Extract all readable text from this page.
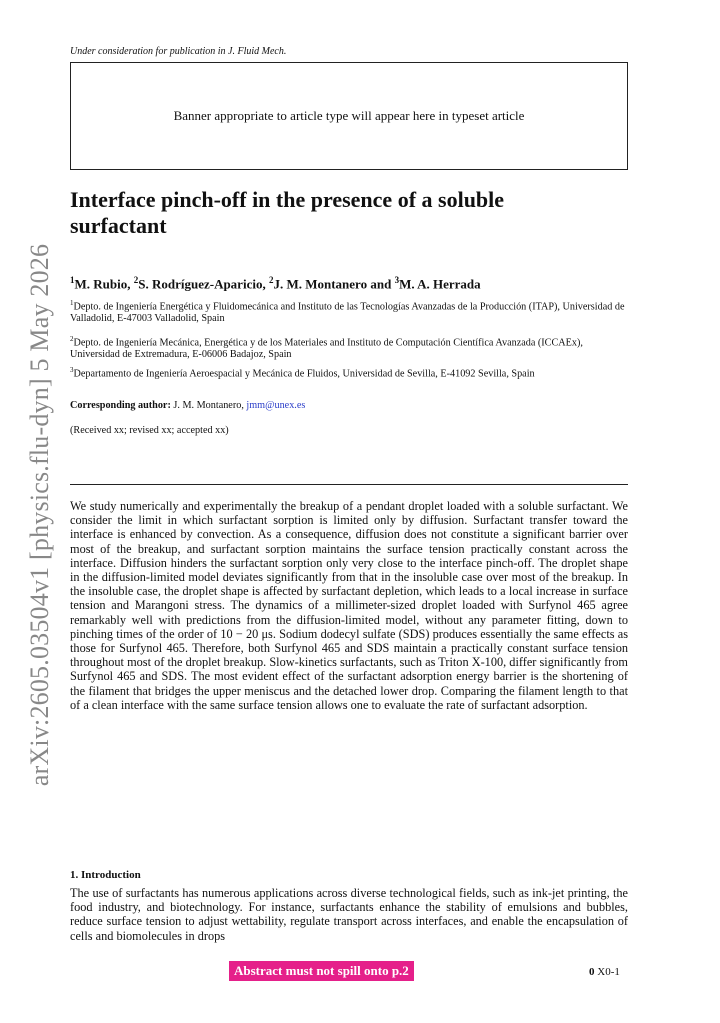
Under consideration for publication in J. Fluid Mech.
Banner appropriate to article type will appear here in typeset article
arXiv:2605.03504v1 [physics.flu-dyn] 5 May 2026
Interface pinch-off in the presence of a soluble surfactant
$^1$M. Rubio, $^2$S. Rodríguez-Aparicio, $^2$J. M. Montanero and $^3$M. A. Herrada
$^1$Depto. de Ingeniería Energética y Fluidomecánica and Instituto de las Tecnologías Avanzadas de la Producción (ITAP), Universidad de Valladolid, E-47003 Valladolid, Spain
$^2$Depto. de Ingeniería Mecánica, Energética y de los Materiales and Instituto de Computación Científica Avanzada (ICCAEx), Universidad de Extremadura, E-06006 Badajoz, Spain
$^3$Departamento de Ingeniería Aeroespacial y Mecánica de Fluidos, Universidad de Sevilla, E-41092 Sevilla, Spain
Corresponding author: J. M. Montanero, jmm@unex.es
(Received xx; revised xx; accepted xx)
We study numerically and experimentally the breakup of a pendant droplet loaded with a soluble surfactant. We consider the limit in which surfactant sorption is limited only by diffusion. Surfactant transfer toward the interface is enhanced by convection. As a consequence, diffusion does not constitute a significant barrier over most of the breakup, and surfactant sorption maintains the surface tension practically constant across the interface. Diffusion hinders the surfactant sorption only very close to the interface pinch-off. The droplet shape in the diffusion-limited model deviates significantly from that in the insoluble case over most of the breakup. In the insoluble case, the droplet shape is affected by surfactant depletion, which leads to a local increase in surface tension and Marangoni stress. The dynamics of a millimeter-sized droplet loaded with Surfynol 465 agree remarkably well with predictions from the diffusion-limited model, without any parameter fitting, down to pinching times of the order of 10 − 20 μs. Sodium dodecyl sulfate (SDS) produces essentially the same effects as those for Surfynol 465. Therefore, both Surfynol 465 and SDS maintain a practically constant surface tension throughout most of the droplet breakup. Slow-kinetics surfactants, such as Triton X-100, differ significantly from Surfynol 465 and SDS. The most evident effect of the surfactant adsorption energy barrier is the shortening of the filament that bridges the upper meniscus and the detached lower drop. Comparing the filament length to that of a clean interface with the same surface tension allows one to evaluate the rate of surfactant adsorption.
1. Introduction
The use of surfactants has numerous applications across diverse technological fields, such as ink-jet printing, the food industry, and biotechnology. For instance, surfactants enhance the stability of emulsions and bubbles, reduce surface tension to adjust wettability, regulate transport across interfaces, and enable the encapsulation of cells and biomolecules in drops
Abstract must not spill onto p.2	0 X0-1
